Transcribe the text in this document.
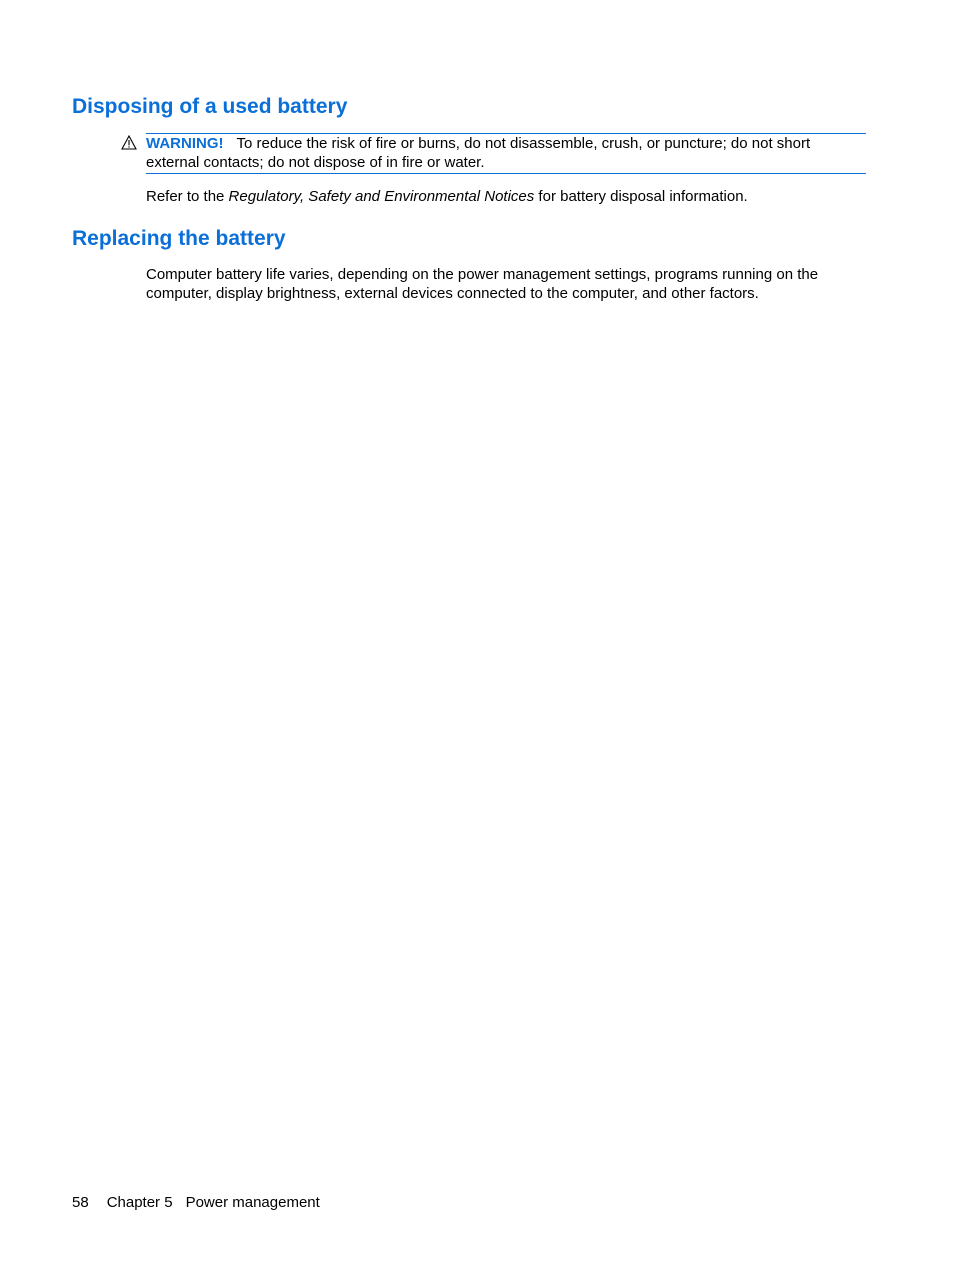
Disposing of a used battery

WARNING! To reduce the risk of fire or burns, do not disassemble, crush, or puncture; do not short external contacts; do not dispose of in fire or water.

Refer to the Regulatory, Safety and Environmental Notices for battery disposal information.

Replacing the battery

Computer battery life varies, depending on the power management settings, programs running on the computer, display brightness, external devices connected to the computer, and other factors.

58 Chapter 5 Power management
